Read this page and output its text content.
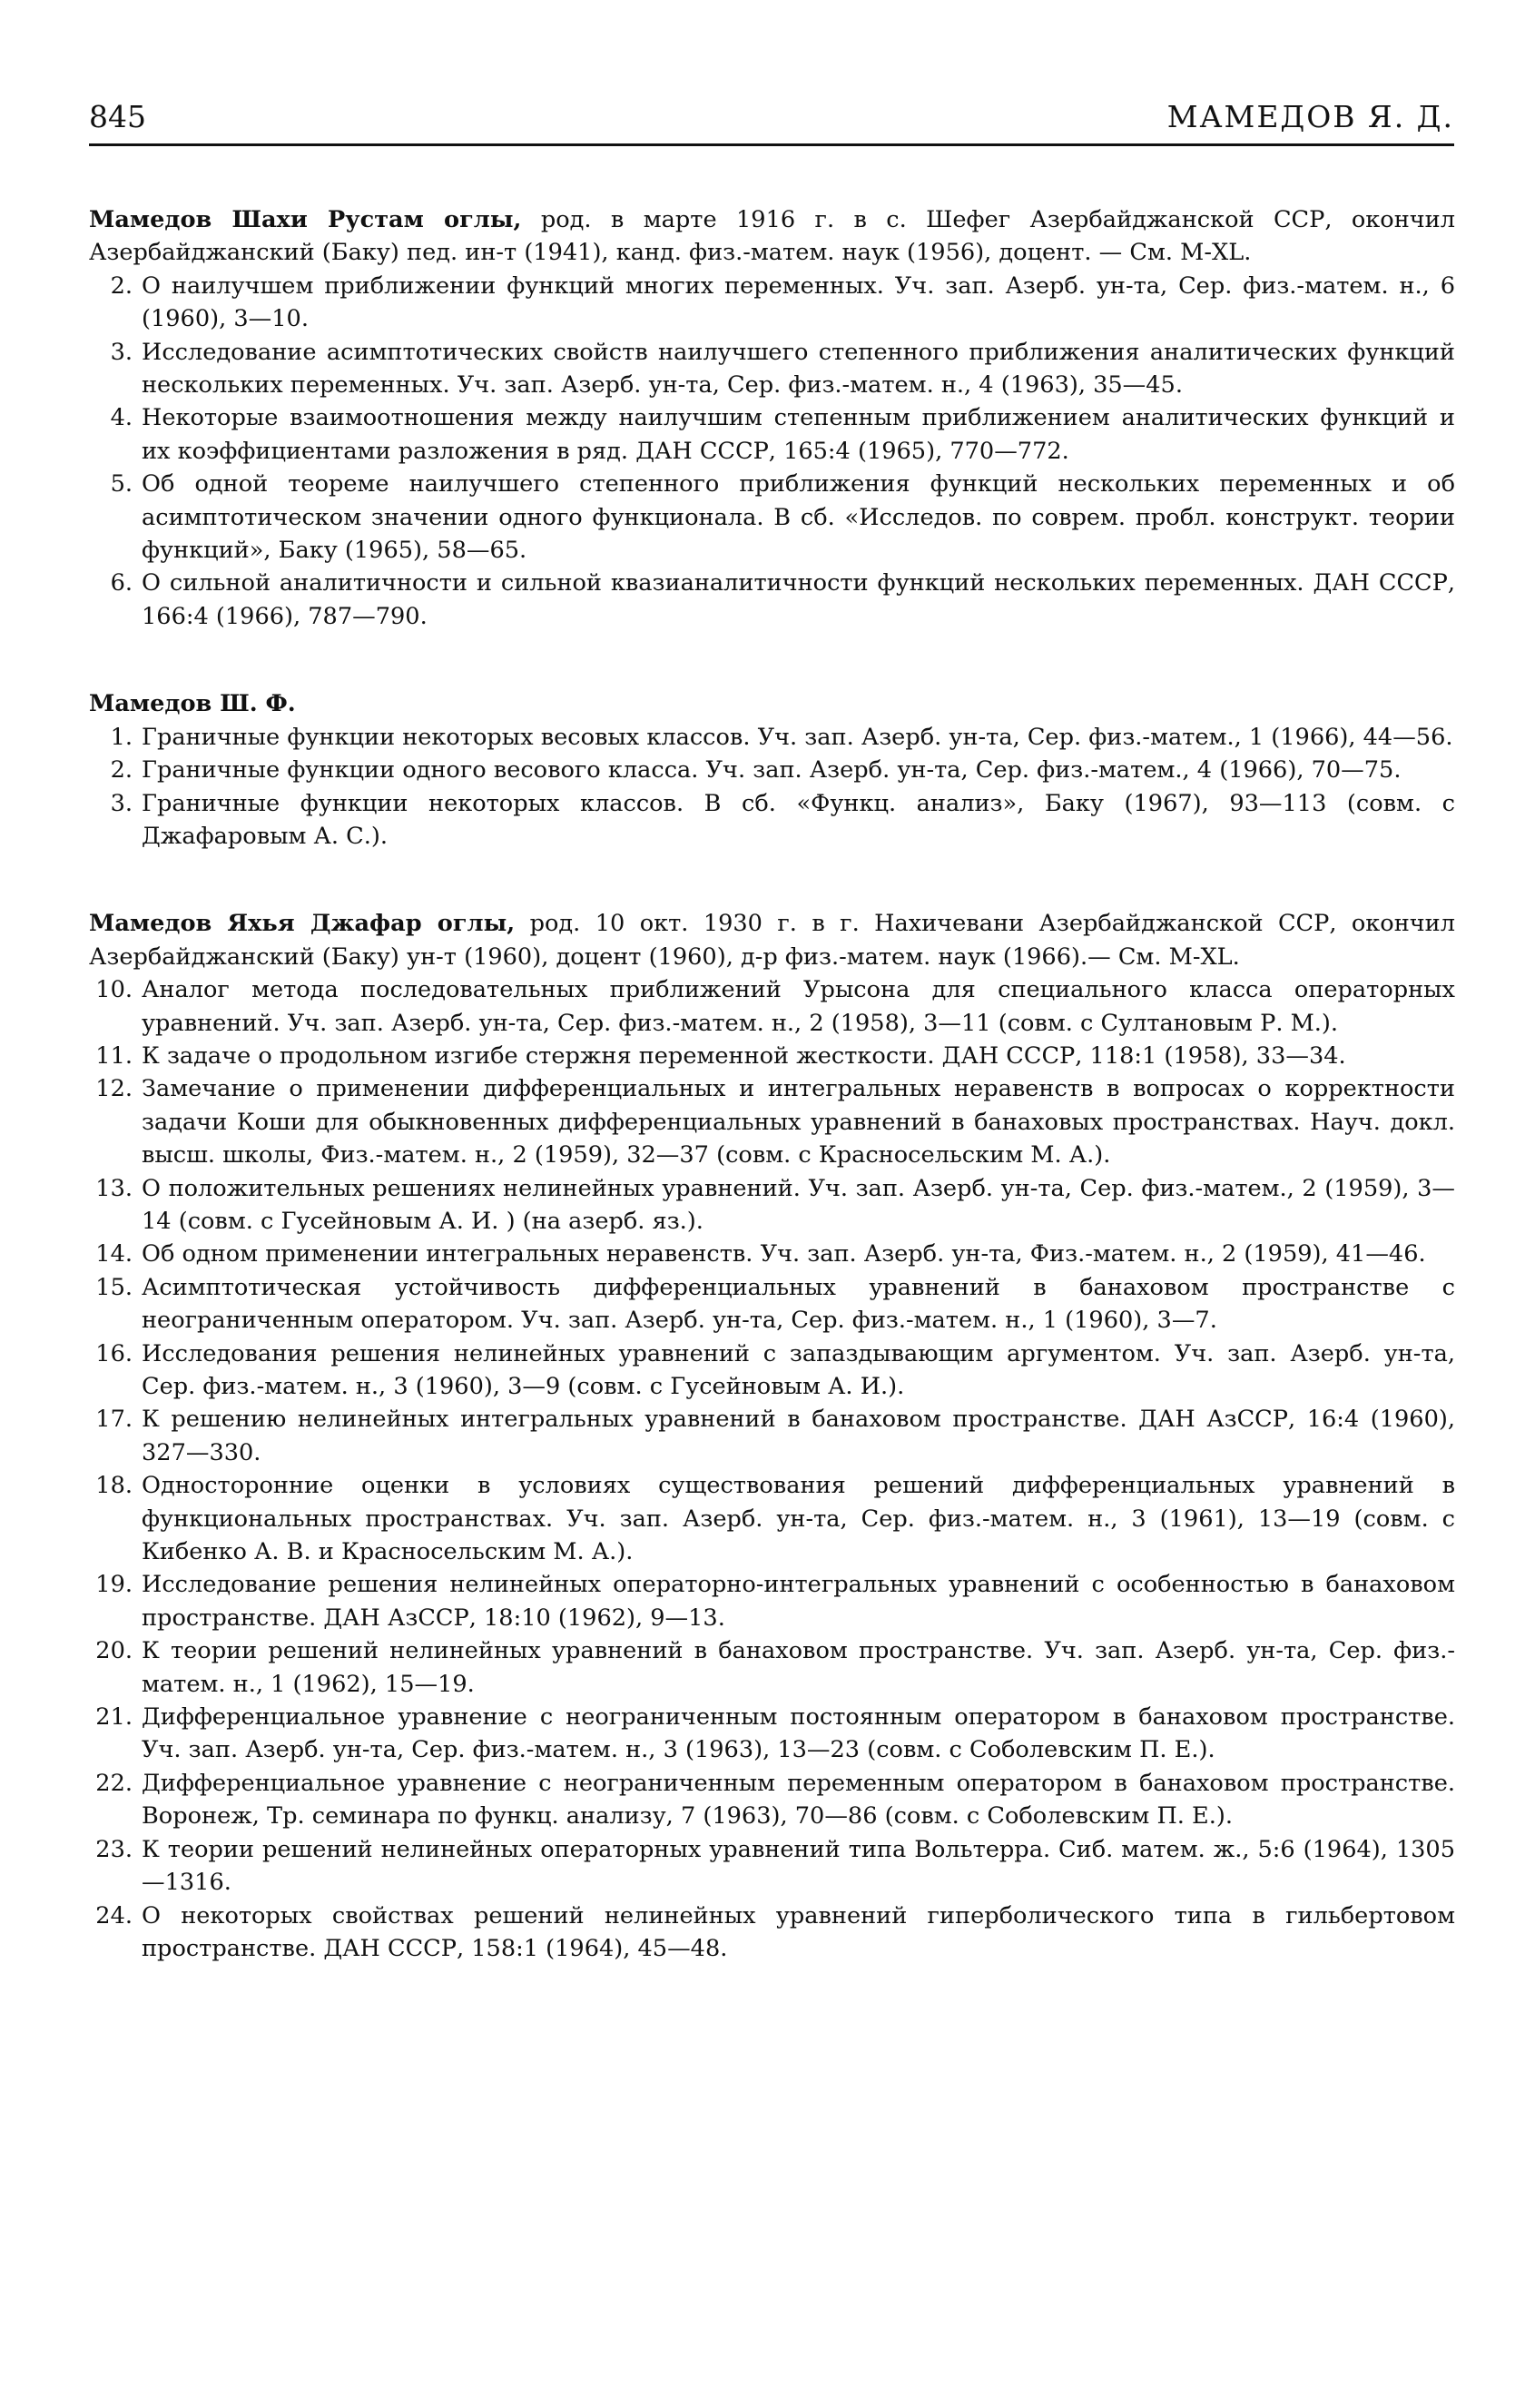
845	МАМЕДОВ Я. Д.

Мамедов Шахи Рустам оглы, род. в марте 1916 г. в с. Шефег Азербайджанской ССР, окончил Азербайджанский (Баку) пед. ин-т (1941), канд. физ.-матем. наук (1956), доцент. — См. М-XL.

2. О наилучшем приближении функций многих переменных. Уч. зап. Азерб. ун-та, Сер. физ.-матем. н., 6 (1960), 3—10.
3. Исследование асимптотических свойств наилучшего степенного приближения аналитических функций нескольких переменных. Уч. зап. Азерб. ун-та, Сер. физ.-матем. н., 4 (1963), 35—45.
4. Некоторые взаимоотношения между наилучшим степенным приближением аналитических функций и их коэффициентами разложения в ряд. ДАН СССР, 165:4 (1965), 770—772.
5. Об одной теореме наилучшего степенного приближения функций нескольких переменных и об асимптотическом значении одного функционала. В сб. «Исследов. по соврем. пробл. конструкт. теории функций», Баку (1965), 58—65.
6. О сильной аналитичности и сильной квазианалитичности функций нескольких переменных. ДАН СССР, 166:4 (1966), 787—790.

Мамедов Ш. Ф.

1. Граничные функции некоторых весовых классов. Уч. зап. Азерб. ун-та, Сер. физ.-матем., 1 (1966), 44—56.
2. Граничные функции одного весового класса. Уч. зап. Азерб. ун-та, Сер. физ.-матем., 4 (1966), 70—75.
3. Граничные функции некоторых классов. В сб. «Функц. анализ», Баку (1967), 93—113 (совм. с Джафаровым А. С.).

Мамедов Яхья Джафар оглы, род. 10 окт. 1930 г. в г. Нахичевани Азербайджанской ССР, окончил Азербайджанский (Баку) ун-т (1960), доцент (1960), д-р физ.-матем. наук (1966).— См. М-XL.

10. Аналог метода последовательных приближений Урысона для специального класса операторных уравнений. Уч. зап. Азерб. ун-та, Сер. физ.-матем. н., 2 (1958), 3—11 (совм. с Султановым Р. М.).
11. К задаче о продольном изгибе стержня переменной жесткости. ДАН СССР, 118:1 (1958), 33—34.
12. Замечание о применении дифференциальных и интегральных неравенств в вопросах о корректности задачи Коши для обыкновенных дифференциальных уравнений в банаховых пространствах. Науч. докл. высш. школы, Физ.-матем. н., 2 (1959), 32—37 (совм. с Красносельским М. А.).
13. О положительных решениях нелинейных уравнений. Уч. зап. Азерб. ун-та, Сер. физ.-матем., 2 (1959), 3—14 (совм. с Гусейновым А. И. ) (на азерб. яз.).
14. Об одном применении интегральных неравенств. Уч. зап. Азерб. ун-та, Физ.-матем. н., 2 (1959), 41—46.
15. Асимптотическая устойчивость дифференциальных уравнений в банаховом пространстве с неограниченным оператором. Уч. зап. Азерб. ун-та, Сер. физ.-матем. н., 1 (1960), 3—7.
16. Исследования решения нелинейных уравнений с запаздывающим аргументом. Уч. зап. Азерб. ун-та, Сер. физ.-матем. н., 3 (1960), 3—9 (совм. с Гусейновым А. И.).
17. К решению нелинейных интегральных уравнений в банаховом пространстве. ДАН АзССР, 16:4 (1960), 327—330.
18. Односторонние оценки в условиях существования решений дифференциальных уравнений в функциональных пространствах. Уч. зап. Азерб. ун-та, Сер. физ.-матем. н., 3 (1961), 13—19 (совм. с Кибенко А. В. и Красносельским М. А.).
19. Исследование решения нелинейных операторно-интегральных уравнений с особенностью в банаховом пространстве. ДАН АзССР, 18:10 (1962), 9—13.
20. К теории решений нелинейных уравнений в банаховом пространстве. Уч. зап. Азерб. ун-та, Сер. физ.-матем. н., 1 (1962), 15—19.
21. Дифференциальное уравнение с неограниченным постоянным оператором в банаховом пространстве. Уч. зап. Азерб. ун-та, Сер. физ.-матем. н., 3 (1963), 13—23 (совм. с Соболевским П. Е.).
22. Дифференциальное уравнение с неограниченным переменным оператором в банаховом пространстве. Воронеж, Тр. семинара по функц. анализу, 7 (1963), 70—86 (совм. с Соболевским П. Е.).
23. К теории решений нелинейных операторных уравнений типа Вольтерра. Сиб. матем. ж., 5:6 (1964), 1305—1316.
24. О некоторых свойствах решений нелинейных уравнений гиперболического типа в гильбертовом пространстве. ДАН СССР, 158:1 (1964), 45—48.
